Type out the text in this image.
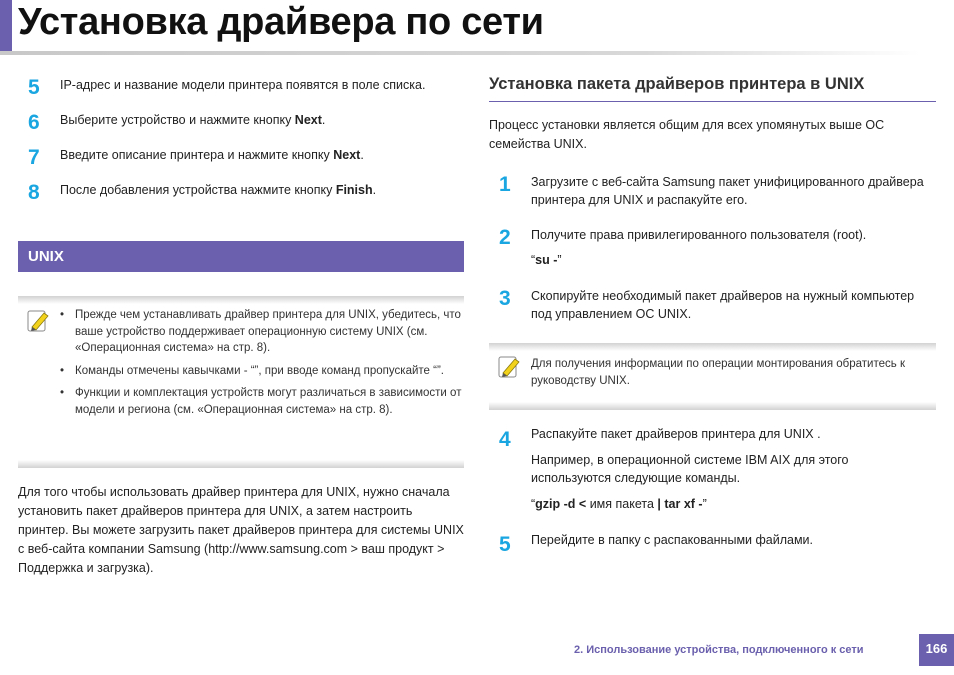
Установка драйвера по сети
5	IP-адрес и название модели принтера появятся в поле списка.
6	Выберите устройство и нажмите кнопку Next.
7	Введите описание принтера и нажмите кнопку Next.
8	После добавления устройства нажмите кнопку Finish.
UNIX
• Прежде чем устанавливать драйвер принтера для UNIX, убедитесь, что ваше устройство поддерживает операционную систему UNIX (см. «Операционная система» на стр. 8).
• Команды отмечены кавычками - “”, при вводе команд пропускайте “”.
• Функции и комплектация устройств могут различаться в зависимости от модели и региона (см. «Операционная система» на стр. 8).
Для того чтобы использовать драйвер принтера для UNIX, нужно сначала установить пакет драйверов принтера для UNIX, а затем настроить принтер. Вы можете загрузить пакет драйверов принтера для системы UNIX с веб-сайта компании Samsung (http://www.samsung.com > ваш продукт > Поддержка и загрузка).
Установка пакета драйверов принтера в UNIX
Процесс установки является общим для всех упомянутых выше ОС семейства UNIX.
1	Загрузите с веб-сайта Samsung пакет унифицированного драйвера принтера для UNIX и распакуйте его.
2	Получите права привилегированного пользователя (root).
“su -”
3	Скопируйте необходимый пакет драйверов на нужный компьютер под управлением ОС UNIX.
Для получения информации по операции монтирования обратитесь к руководству UNIX.
4	Распакуйте пакет драйверов принтера для UNIX .
Например, в операционной системе IBM AIX для этого используются следующие команды.
“gzip -d < имя пакета | tar xf -”
5	Перейдите в папку с распакованными файлами.
2. Использование устройства, подключенного к сети	166
